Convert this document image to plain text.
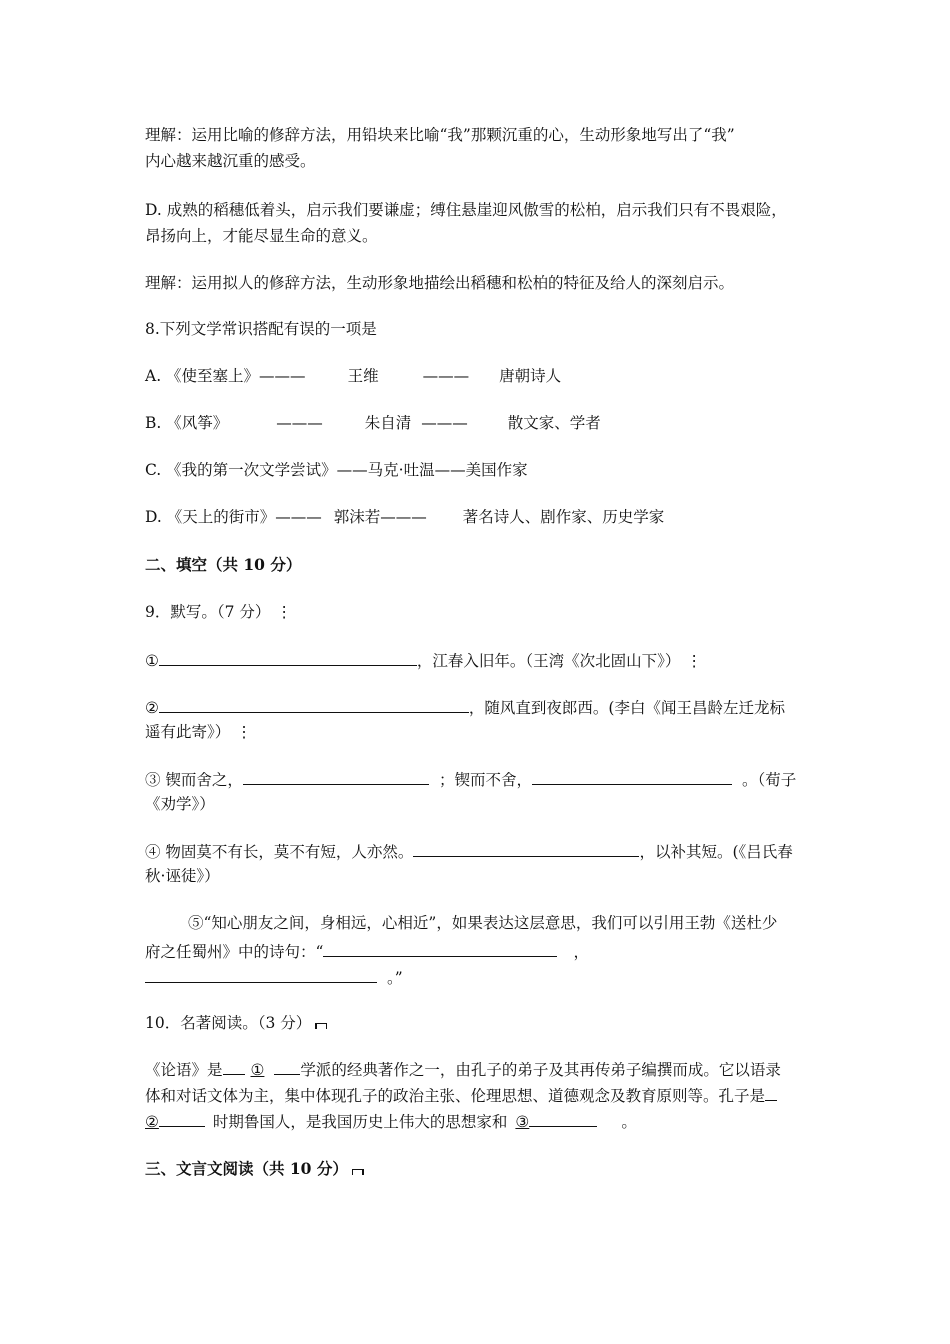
理解：运用比喻的修辞方法，用铅块来比喻“我”那颗沉重的心，生动形象地写出了“我”
内心越来越沉重的感受。
D. 成熟的稻穗低着头，启示我们要谦虚；缚住悬崖迎风傲雪的松柏，启示我们只有不畏艰险，
昂扬向上，才能尽显生命的意义。
理解：运用拟人的修辞方法，生动形象地描绘出稻穗和松柏的特征及给人的深刻启示。
8.下列文学常识搭配有误的一项是
A. 《使至塞上》———	王维	——— 唐朝诗人
B. 《风筝》	———	朱自清 ———	散文家、学者
C. 《我的第一次文学尝试》——马克·吐温——美国作家
D. 《天上的街市》——— 郭沫若——— 著名诗人、剧作家、历史学家
二、填空（共 10 分）
9．默写。（7 分）⋮
①	，江春入旧年。（王湾《次北固山下》）⋮
②	，随风直到夜郎西。(李白《闻王昌龄左迁龙标
遥有此寄》）⋮
③ 锲而舍之，	；锲而不舍，	。（荀子
《劝学》）
④ 物固莫不有长，莫不有短，人亦然。	，以补其短。(《吕氏春
秋·诬徒》）
⑤“知心朋友之间，身相远，心相近”，如果表达这层意思，我们可以引用王勃《送杜少
府之任蜀州》中的诗句：“	，
。”
10．名著阅读。（3 分）
《论语》是 ① 学派的经典著作之一，由孔子的弟子及其再传弟子编撰而成。它以语录
体和对话文体为主，集中体现孔子的政治主张、伦理思想、道德观念及教育原则等。孔子是
②	时期鲁国人，是我国历史上伟大的思想家和 ③	。
三、文言文阅读（共 10 分）
